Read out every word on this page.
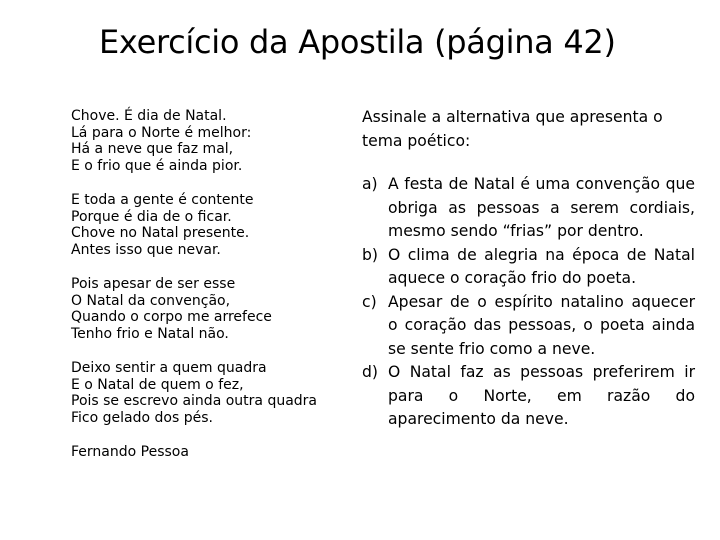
Exercício da Apostila (página 42)
Chove. É dia de Natal.
Lá para o Norte é melhor:
Há a neve que faz mal,
E o frio que é ainda pior.
E toda a gente é contente
Porque é dia de o ficar.
Chove no Natal presente.
Antes isso que nevar.
Pois apesar de ser esse
O Natal da convenção,
Quando o corpo me arrefece
Tenho frio e Natal não.
Deixo sentir a quem quadra
E o Natal de quem o fez,
Pois se escrevo ainda outra quadra
Fico gelado dos pés.
Fernando Pessoa
Assinale a alternativa que apresenta o tema poético:
a) A festa de Natal é uma convenção que obriga as pessoas a serem cordiais, mesmo sendo “frias” por dentro.
b) O clima de alegria na época de Natal aquece o coração frio do poeta.
c) Apesar de o espírito natalino aquecer o coração das pessoas, o poeta ainda se sente frio como a neve.
d) O Natal faz as pessoas preferirem ir para o Norte, em razão do aparecimento da neve.
